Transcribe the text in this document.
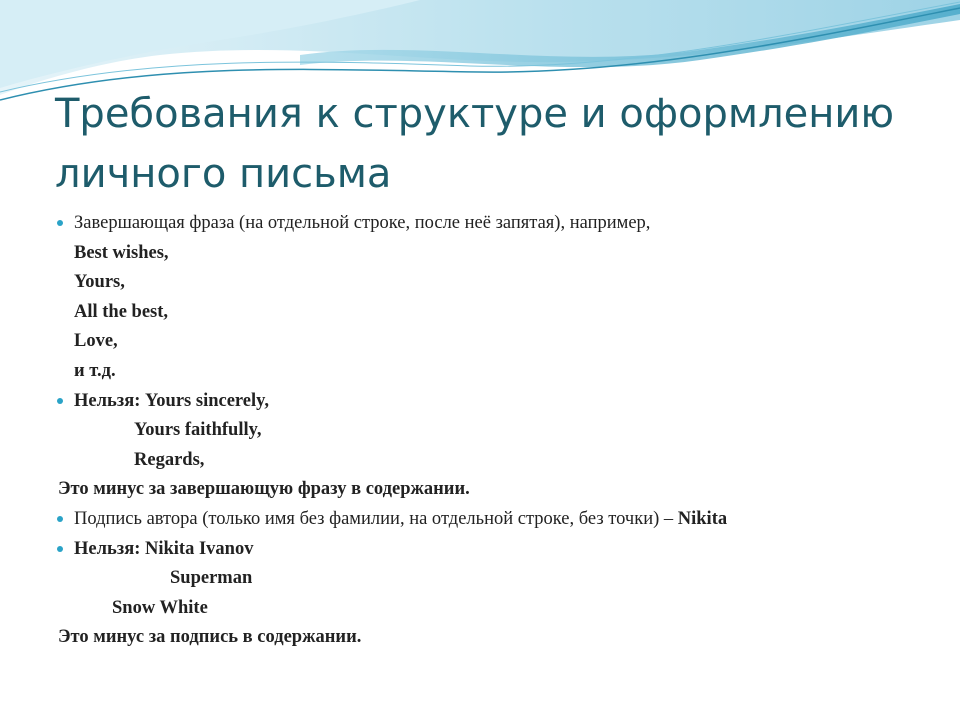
Требования к структуре и оформлению
личного письма
Завершающая фраза (на отдельной строке, после неё запятая), например,
Best wishes,
Yours,
All the best,
Love,
и т.д.
Нельзя: Yours sincerely,
Yours faithfully,
Regards,
Это минус за завершающую фразу в содержании.
Подпись автора (только имя без фамилии, на отдельной строке, без точки) – Nikita
Нельзя: Nikita Ivanov
Superman
Snow White
Это минус за подпись в содержании.
